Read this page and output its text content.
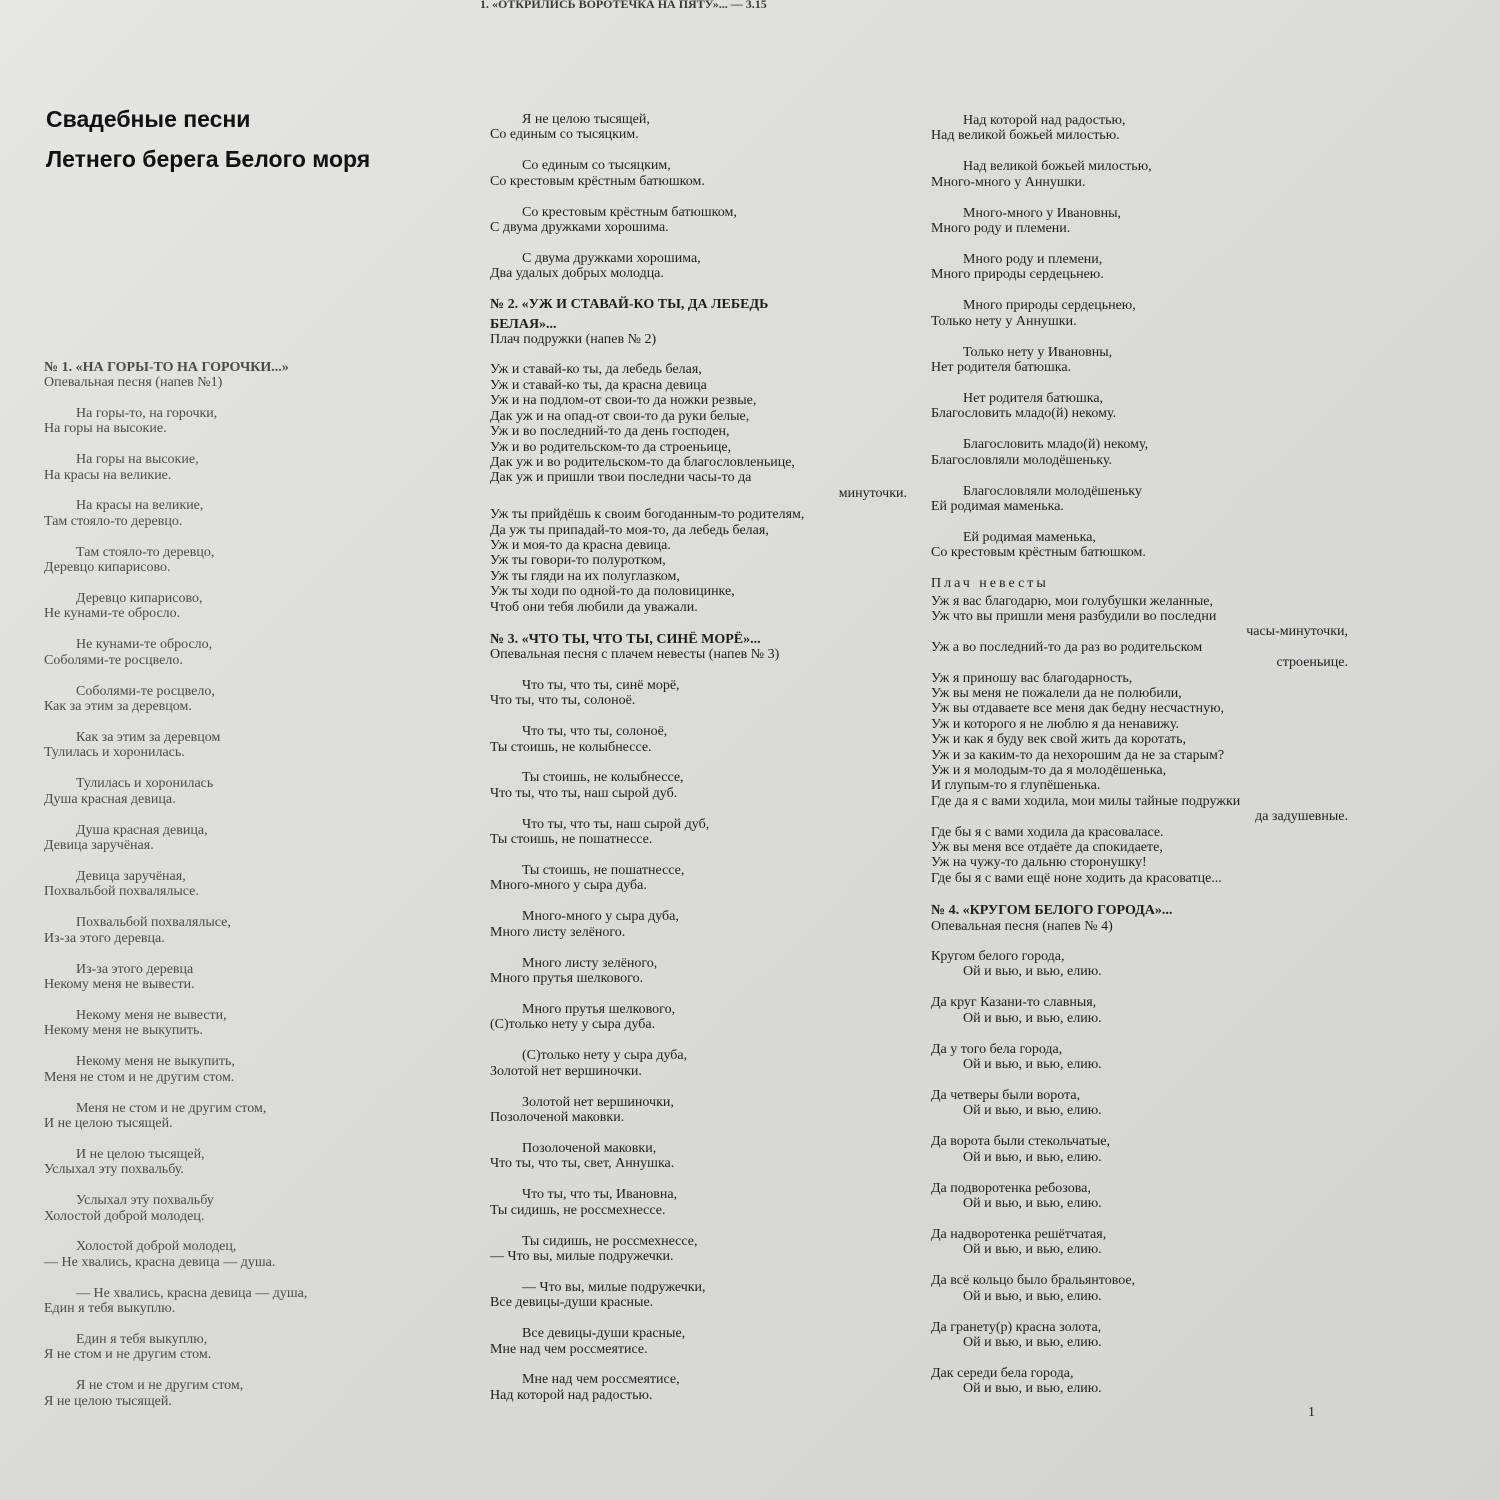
1. «ОТКРИЛИСЬ ВОРОТЕЧКА НА ПЯТУ»... — 3.15
Свадебные песни
Летнего берега Белого моря
№ 1. «НА ГОРЫ-ТО НА ГОРОЧКИ...»
Опевальная песня (напев №1)
На горы-то, на горочки,
На горы на высокие.
На горы на высокие,
На красы на великие.
На красы на великие,
Там стояло-то деревцо.
Там стояло-то деревцо,
Деревцо кипарисово.
Деревцо кипарисово,
Не кунами-те обросло.
Не кунами-те обросло,
Соболями-те росцвело.
Соболями-те росцвело,
Как за этим за деревцом.
Как за этим за деревцом
Тулилась и хоронилась.
Тулилась и хоронилась
Душа красная девица.
Душа красная девица,
Девица заручёная.
Девица заручёная,
Похвальбой похвалялысе.
Похвальбой похвалялысе,
Из-за этого деревца.
Из-за этого деревца
Некому меня не вывести.
Некому меня не вывести,
Некому меня не выкупить.
Некому меня не выкупить,
Меня не стом и не другим стом.
Меня не стом и не другим стом,
И не целою тысящей.
И не целою тысящей,
Услыхал эту похвальбу.
Услыхал эту похвальбу
Холостой доброй молодец.
Холостой доброй молодец,
— Не хвались, красна девица — душа.
— Не хвались, красна девица — душа,
Един я тебя выкуплю.
Един я тебя выкуплю,
Я не стом и не другим стом.
Я не стом и не другим стом,
Я не целою тысящей.
Я не целою тысящей,
Со единым со тысяцким.
Со единым со тысяцким,
Со крестовым крёстным батюшком.
Со крестовым крёстным батюшком,
С двума дружками хорошима.
С двума дружками хорошима,
Два удалых добрых молодца.
№ 2. «УЖ И СТАВАЙ-КО ТЫ, ДА ЛЕБЕДЬ
БЕЛАЯ»...
Плач подружки (напев № 2)
Уж и ставай-ко ты, да лебедь белая,
Уж и ставай-ко ты, да красна девица
Уж и на подлом-от свои-то да ножки резвые,
Дак уж и на опад-от свои-то да руки белые,
Уж и во последний-то да день господен,
Уж и во родительском-то да строеньице,
Дак уж и во родительском-то да благословленьице,
Дак уж и пришли твои последни часы-то да
минуточки.
Уж ты прийдёшь к своим богоданным-то родителям,
Да уж ты припадай-то моя-то, да лебедь белая,
Уж и моя-то да красна девица.
Уж ты говори-то полуротком,
Уж ты гляди на их полуглазком,
Уж ты ходи по одной-то да половицинке,
Чтоб они тебя любили да уважали.
№ 3. «ЧТО ТЫ, ЧТО ТЫ, СИНЁ МОРЁ»...
Опевальная песня с плачем невесты (напев № 3)
Что ты, что ты, синё морё,
Что ты, что ты, солоноё.
Что ты, что ты, солоноё,
Ты стоишь, не колыбнессе.
Ты стоишь, не колыбнессе,
Что ты, что ты, наш сырой дуб.
Что ты, что ты, наш сырой дуб,
Ты стоишь, не пошатнессе.
Ты стоишь, не пошатнессе,
Много-много у сыра дуба.
Много-много у сыра дуба,
Много листу зелёного.
Много листу зелёного,
Много прутья шелкового.
Много прутья шелкового,
(С)только нету у сыра дуба.
(С)только нету у сыра дуба,
Золотой нет вершиночки.
Золотой нет вершиночки,
Позолоченой маковки.
Позолоченой маковки,
Что ты, что ты, свет, Аннушка.
Что ты, что ты, Ивановна,
Ты сидишь, не россмехнессе.
Ты сидишь, не россмехнессе,
— Что вы, милые подружечки.
— Что вы, милые подружечки,
Все девицы-души красные.
Все девицы-души красные,
Мне над чем россмеятисе.
Мне над чем россмеятисе,
Над которой над радостью.
Над которой над радостью,
Над великой божьей милостью.
Над великой божьей милостью,
Много-много у Аннушки.
Много-много у Ивановны,
Много роду и племени.
Много роду и племени,
Много природы сердецьнею.
Много природы сердецьнею,
Только нету у Аннушки.
Только нету у Ивановны,
Нет родителя батюшка.
Нет родителя батюшка,
Благословить младо(й) некому.
Благословить младо(й) некому,
Благословляли молодёшеньку.
Благословляли молодёшеньку
Ей родимая маменька.
Ей родимая маменька,
Со крестовым крёстным батюшком.
Плач невесты
Уж я вас благодарю, мои голубушки желанные,
Уж что вы пришли меня разбудили во последни
часы-минуточки,
Уж а во последний-то да раз во родительском
строеньице.
Уж я приношу вас благодарность,
Уж вы меня не пожалели да не полюбили,
Уж вы отдаваете все меня дак бедну несчастную,
Уж и которого я не люблю я да ненавижу.
Уж и как я буду век свой жить да коротать,
Уж и за каким-то да нехорошим да не за старым?
Уж и я молодым-то да я молодёшенька,
И глупым-то я глупёшенька.
Где да я с вами ходила, мои милы тайные подружки
да задушевные.
Где бы я с вами ходила да красоваласе.
Уж вы меня все отдаёте да спокидаете,
Уж на чужу-то дальню сторонушку!
Где бы я с вами ещё ноне ходить да красоватце...
№ 4. «КРУГОМ БЕЛОГО ГОРОДА»...
Опевальная песня (напев № 4)
Кругом белого города,
Ой и вью, и вью, елию.
Да круг Казани-то славныя,
Ой и вью, и вью, елию.
Да у того бела города,
Ой и вью, и вью, елию.
Да четверы были ворота,
Ой и вью, и вью, елию.
Да ворота были стекольчатые,
Ой и вью, и вью, елию.
Да подворотенка ребозова,
Ой и вью, и вью, елию.
Да надворотенка решётчатая,
Ой и вью, и вью, елию.
Да всё кольцо было бральянтовое,
Ой и вью, и вью, елию.
Да гранету(р) красна золота,
Ой и вью, и вью, елию.
Дак середи бела города,
Ой и вью, и вью, елию.
1
